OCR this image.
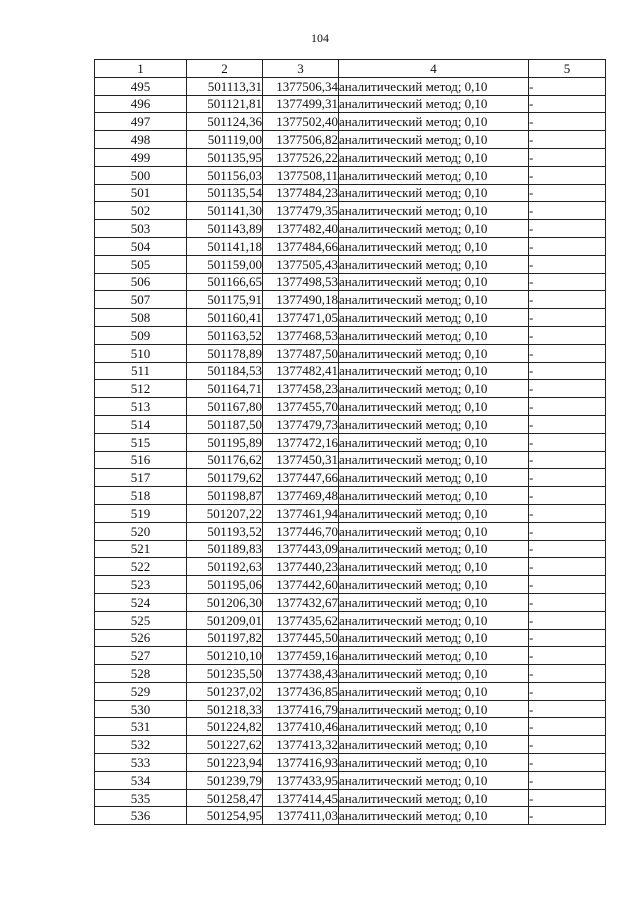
104
1	2	3	4	5
495	501113,31	1377506,34	аналитический метод; 0,10	-
496	501121,81	1377499,31	аналитический метод; 0,10	-
497	501124,36	1377502,40	аналитический метод; 0,10	-
498	501119,00	1377506,82	аналитический метод; 0,10	-
499	501135,95	1377526,22	аналитический метод; 0,10	-
500	501156,03	1377508,11	аналитический метод; 0,10	-
501	501135,54	1377484,23	аналитический метод; 0,10	-
502	501141,30	1377479,35	аналитический метод; 0,10	-
503	501143,89	1377482,40	аналитический метод; 0,10	-
504	501141,18	1377484,66	аналитический метод; 0,10	-
505	501159,00	1377505,43	аналитический метод; 0,10	-
506	501166,65	1377498,53	аналитический метод; 0,10	-
507	501175,91	1377490,18	аналитический метод; 0,10	-
508	501160,41	1377471,05	аналитический метод; 0,10	-
509	501163,52	1377468,53	аналитический метод; 0,10	-
510	501178,89	1377487,50	аналитический метод; 0,10	-
511	501184,53	1377482,41	аналитический метод; 0,10	-
512	501164,71	1377458,23	аналитический метод; 0,10	-
513	501167,80	1377455,70	аналитический метод; 0,10	-
514	501187,50	1377479,73	аналитический метод; 0,10	-
515	501195,89	1377472,16	аналитический метод; 0,10	-
516	501176,62	1377450,31	аналитический метод; 0,10	-
517	501179,62	1377447,66	аналитический метод; 0,10	-
518	501198,87	1377469,48	аналитический метод; 0,10	-
519	501207,22	1377461,94	аналитический метод; 0,10	-
520	501193,52	1377446,70	аналитический метод; 0,10	-
521	501189,83	1377443,09	аналитический метод; 0,10	-
522	501192,63	1377440,23	аналитический метод; 0,10	-
523	501195,06	1377442,60	аналитический метод; 0,10	-
524	501206,30	1377432,67	аналитический метод; 0,10	-
525	501209,01	1377435,62	аналитический метод; 0,10	-
526	501197,82	1377445,50	аналитический метод; 0,10	-
527	501210,10	1377459,16	аналитический метод; 0,10	-
528	501235,50	1377438,43	аналитический метод; 0,10	-
529	501237,02	1377436,85	аналитический метод; 0,10	-
530	501218,33	1377416,79	аналитический метод; 0,10	-
531	501224,82	1377410,46	аналитический метод; 0,10	-
532	501227,62	1377413,32	аналитический метод; 0,10	-
533	501223,94	1377416,93	аналитический метод; 0,10	-
534	501239,79	1377433,95	аналитический метод; 0,10	-
535	501258,47	1377414,45	аналитический метод; 0,10	-
536	501254,95	1377411,03	аналитический метод; 0,10	-
